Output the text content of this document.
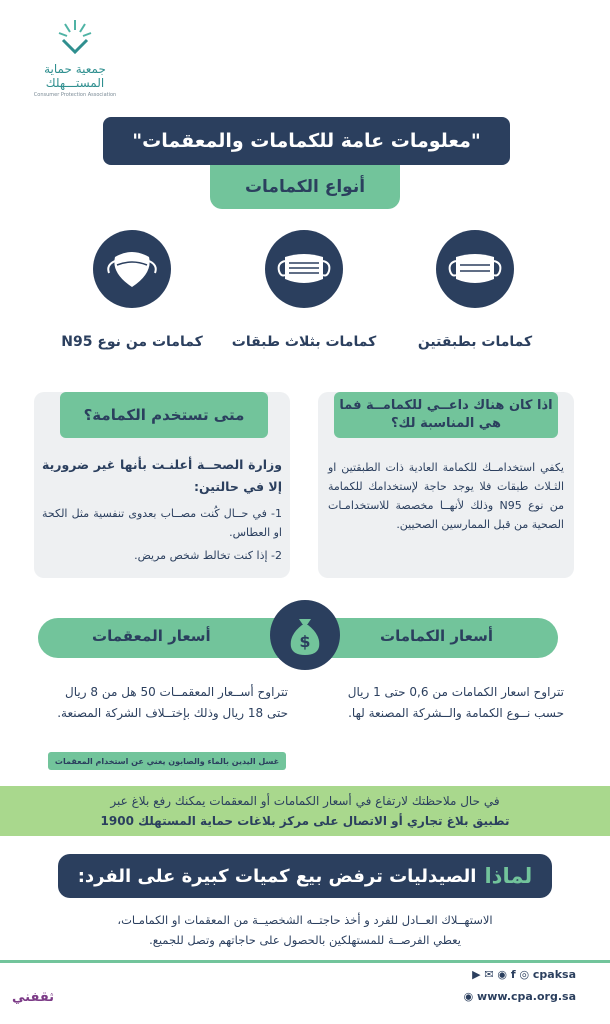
جمعية حماية
المستـــهلك
Consumer Protection Association
"معلومات عامة للكمامات والمعقمات"
أنواع الكمامات
كمامات بطبقتين
كمامات بثلاث طبقات
كمامات من نوع N95
متى تستخدم الكمامة؟
وزارة الصحــة أعلنـت بأنها غير ضرورية إلا في حالتين:
1- في حــال كُنت مصــاب بعدوى تنفسية مثل الكحة او العطاس.
2- إذا كنت تخالط شخص مريض.
اذا كان هناك داعــي للكمامــة فما هي المناسبة لك؟
يكفي استخدامــك للكمامة العادية ذات الطبقتين او الثـلاث طبقات فلا يوجد حاجة لإستخدامك للكمامة من نوع N95 وذلك لأنهــا مخصصة للاستخدامـات الصحية من قبل الممارسين الصحيين.
أسعار الكمامات
أسعار المعقمات	$
تتراوح اسعار الكمامات من 0,6 حتى 1 ريال حسب نــوع الكمامة والــشركة المصنعة لها.
تتراوح أســعار المعقمــات 50 هل من 8 ريال حتى 18 ريال وذلك بإختــلاف الشركة المصنعة.
غسل اليدين بالماء والصابون يغني عن استخدام المعقمات
في حال ملاحظتك لارتفاع في أسعار الكمامات أو المعقمات يمكنك رفع بلاغ عبر
تطبيق بلاغ تجاري أو الاتصال على مركز بلاغات حماية المستهلك 1900
لماذا
الصيدليات ترفض بيع كميات كبيرة على الفرد:
الاستهــلاك العــادل للفرد و أخذ حاجتــه الشخصيــة من المعقمات او الكمامـات،
يعطي الفرصــة للمستهلكين بالحصول على حاجاتهم وتصل للجميع.
▶ ✉ ◉ f ◎ cpaksa
◉ www.cpa.org.sa
ثقفني
